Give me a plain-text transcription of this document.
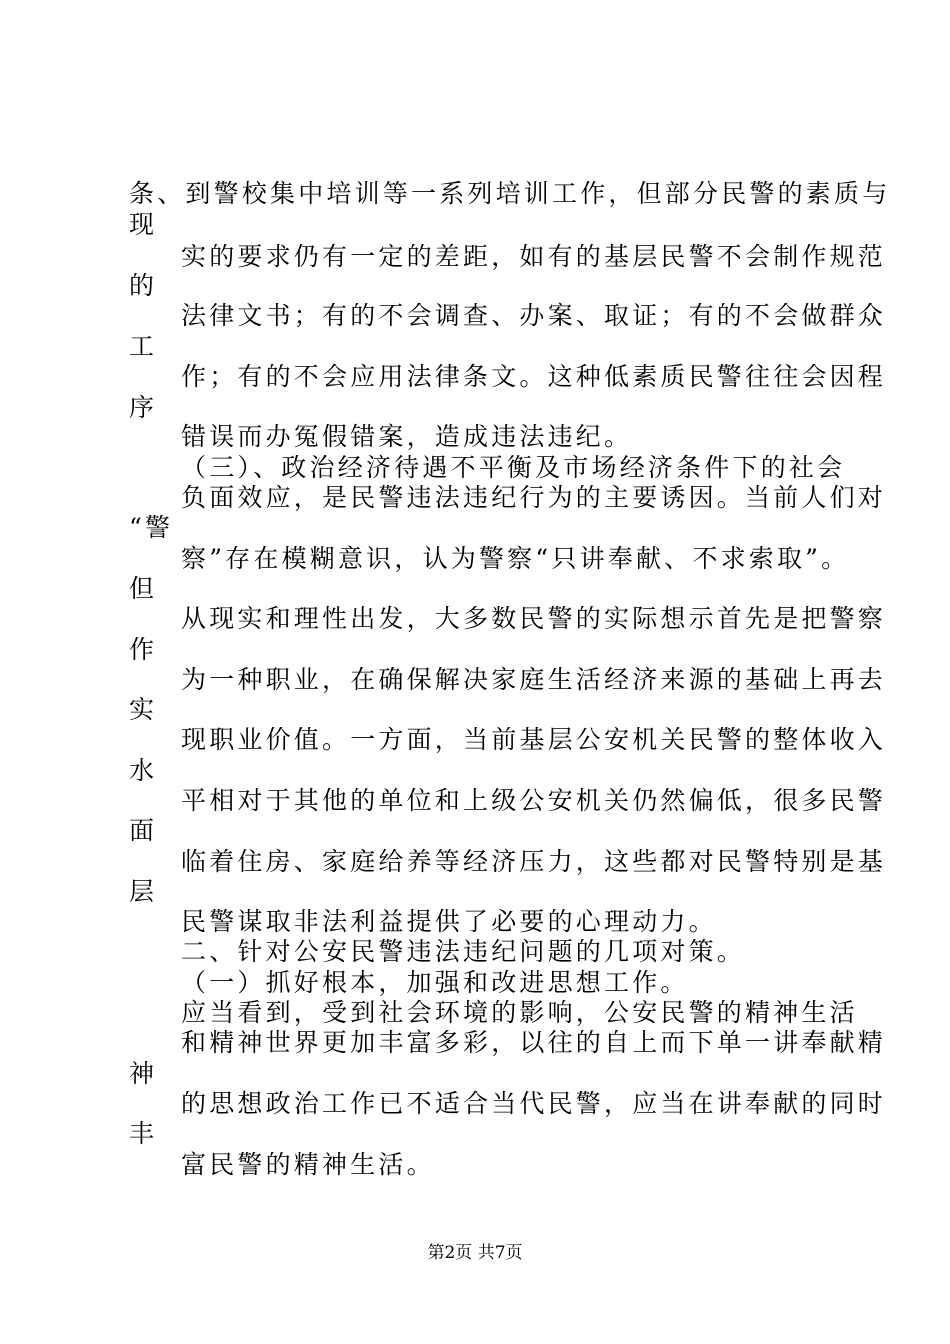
条、到警校集中培训等一系列培训工作，但部分民警的素质与
现
实的要求仍有一定的差距，如有的基层民警不会制作规范
的
法律文书；有的不会调查、办案、取证；有的不会做群众
工
作；有的不会应用法律条文。这种低素质民警往往会因程
序
错误而办冤假错案，造成违法违纪。
（三）、政治经济待遇不平衡及市场经济条件下的社会
负面效应，是民警违法违纪行为的主要诱因。当前人们对
“警
察”存在模糊意识，认为警察“只讲奉献、不求索取”。
但
从现实和理性出发，大多数民警的实际想示首先是把警察
作
为一种职业，在确保解决家庭生活经济来源的基础上再去
实
现职业价值。一方面，当前基层公安机关民警的整体收入
水
平相对于其他的单位和上级公安机关仍然偏低，很多民警
面
临着住房、家庭给养等经济压力，这些都对民警特别是基
层
民警谋取非法利益提供了必要的心理动力。
二、针对公安民警违法违纪问题的几项对策。
（一）抓好根本，加强和改进思想工作。
应当看到，受到社会环境的影响，公安民警的精神生活
和精神世界更加丰富多彩，以往的自上而下单一讲奉献精
神
的思想政治工作已不适合当代民警，应当在讲奉献的同时
丰
富民警的精神生活。
第2页 共7页
